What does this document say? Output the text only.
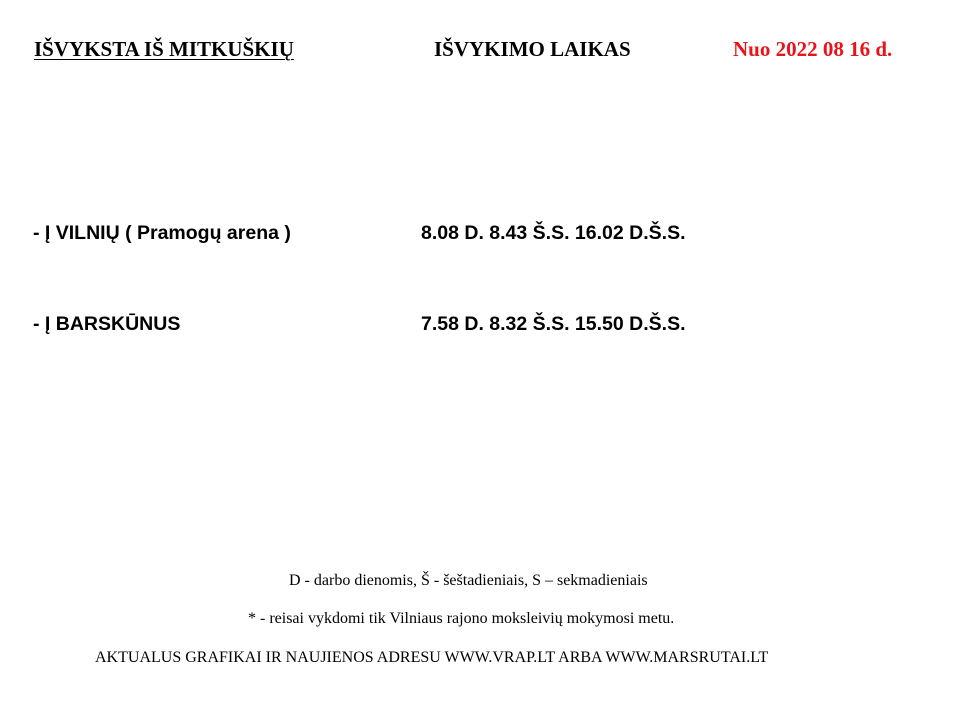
IŠVYKSTA IŠ MITKUŠKIŲ	IŠVYKIMO LAIKAS	Nuo 2022 08 16 d.
- Į VILNIŲ ( Pramogų arena )	8.08 D. 8.43 Š.S. 16.02 D.Š.S.
- Į BARSKŪNUS	7.58 D. 8.32 Š.S. 15.50 D.Š.S.
D - darbo dienomis, Š - šeštadieniais, S – sekmadieniais
* - reisai vykdomi tik Vilniaus rajono moksleivių mokymosi metu.
AKTUALUS GRAFIKAI IR NAUJIENOS ADRESU WWW.VRAP.LT ARBA WWW.MARSRUTAI.LT
